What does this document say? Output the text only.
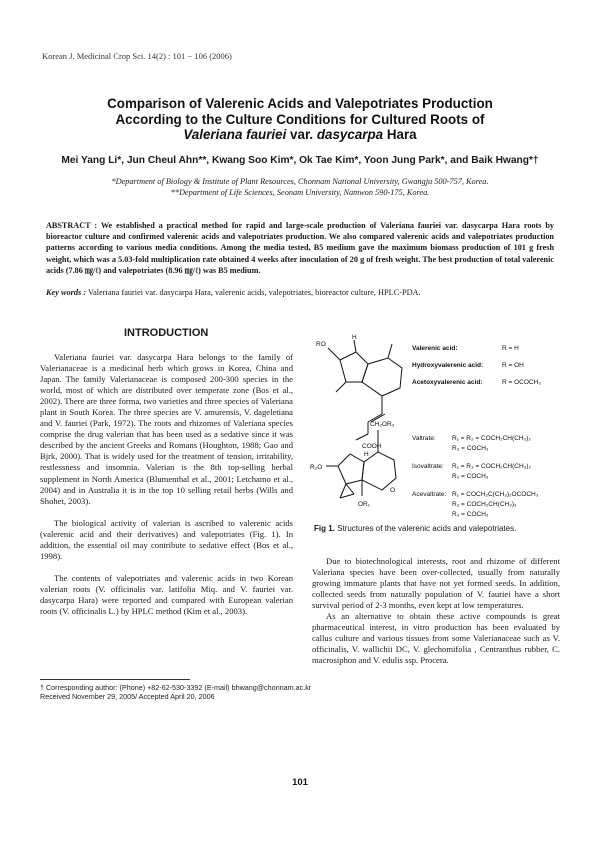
Korean J. Medicinal Crop Sci. 14(2) : 101 − 106 (2006)
Comparison of Valerenic Acids and Valepotriates Production
According to the Culture Conditions for Cultured Roots of
Valeriana fauriei var. dasycarpa Hara
Mei Yang Li*, Jun Cheul Ahn**, Kwang Soo Kim*, Ok Tae Kim*, Yoon Jung Park*, and Baik Hwang*†
*Department of Biology & Institute of Plant Resources, Chonnam National University, Gwangju 500-757, Korea.
**Department of Life Sciences, Seonam University, Namwon 590-175, Korea.
ABSTRACT : We established a practical method for rapid and large-scale production of Valeriana fauriei var. dasycarpa Hara roots by bioreactor culture and confirmed valerenic acids and valepotriates production. We also compared valerenic acids and valepotriates production patterns according to various media conditions. Among the media tested, B5 medium gave the maximum biomass production of 101 g fresh weight, which was a 5.03-fold multiplication rate obtained 4 weeks after inoculation of 20 g of fresh weight. The best production of total valerenic acids (7.86 ㎎/ℓ) and valepotriates (8.96 ㎎/ℓ) was B5 medium.
Key words : Valeriana fauriei var. dasycarpa Hara, valerenic acids, valepotriates, bioreactor culture, HPLC-PDA.
INTRODUCTION

Valeriana fauriei var. dasycarpa Hara belongs to the family of Valerianaceae is a medicinal herb which grows in Korea, China and Japan. The family Valerianaceae is composed 200-300 species in the world, most of which are distributed over temperate zone (Bos et al., 2002). There are three forma, two varieties and three species of Valeriana plant in South Korea. The three species are V. amurensis, V. dageletiana and V. fauriei (Park, 1972). The roots and rhizomes of Valeriana species comprise the drug valerian that has been used as a sedative since it was described by the ancient Greeks and Romans (Houghton, 1988; Gao and Bjrk, 2000). That is widely used for the treatment of tension, irritability, restlessness and insomnia. Valerian is the 8th top-selling herbal supplement in North America (Blumenthal et al., 2001; Letchamo et al., 2004) and in Australia it is in the top 10 selling retail herbs (Wills and Shohet, 2003).

The biological activity of valerian is ascribed to valerenic acids (valerenic acid and their derivatives) and valepotriates (Fig. 1). In addition, the essential oil may contribute to sedative effect (Bos et al., 1998).

The contents of valepotriates and valerenic acids in two Korean valerian roots (V. officinalis var. latifolia Miq. and V. fauriei var. dasycarpa Hara) were reported and compared with European valerian roots (V. officinalis L.) by HPLC method (Kim et al., 2003).

RO
H
COOH
Valerenic acid:	R = H
Hydroxyvalerenic acid:	R = OH
Acetoxyvalerenic acid:	R = OCOCH₃
CH₂OR₃
R₂O
H
OR₁
O
Valtrate:	R₁ = R₂ = COCH₂CH(CH₃)₂
R₃ = COCH₃
Isovaltrate: R₁ = R₃ = COCH₂CH(CH₃)₂
R₂ = COCH₃
Acevaltrate: R₁ = COCH₂C(CH₃)₂OCOCH₃
R₂ = COCH₂CH(CH₃)₂
R₃ = COCH₃
Fig 1. Structures of the valerenic acids and valepotriates.

Due to biotechnological interests, root and rhizome of different Valeriana species have been over-collected, usually from naturally growing immature plants that have not yet formed seeds. In addition, collected seeds from naturally population of V. fauriei have a short survival period of 2-3 months, even kept at low temperatures.

As an alternative to obtain these active compounds is great pharmaceutical interest, in vitro production has been evaluated by callus culture and various tissues from some Valerianaceae such as V. officinalis, V. wallichii DC, V. glechomifolia , Centranthus rubber, C. macrosiphon and V. edulis ssp. Procera.

† Corresponding author: (Phone) +82-62-530-3392 (E-mail) bhwang@chonnam.ac.kr
Received November 29, 2005/ Accepted April 20, 2006
101
